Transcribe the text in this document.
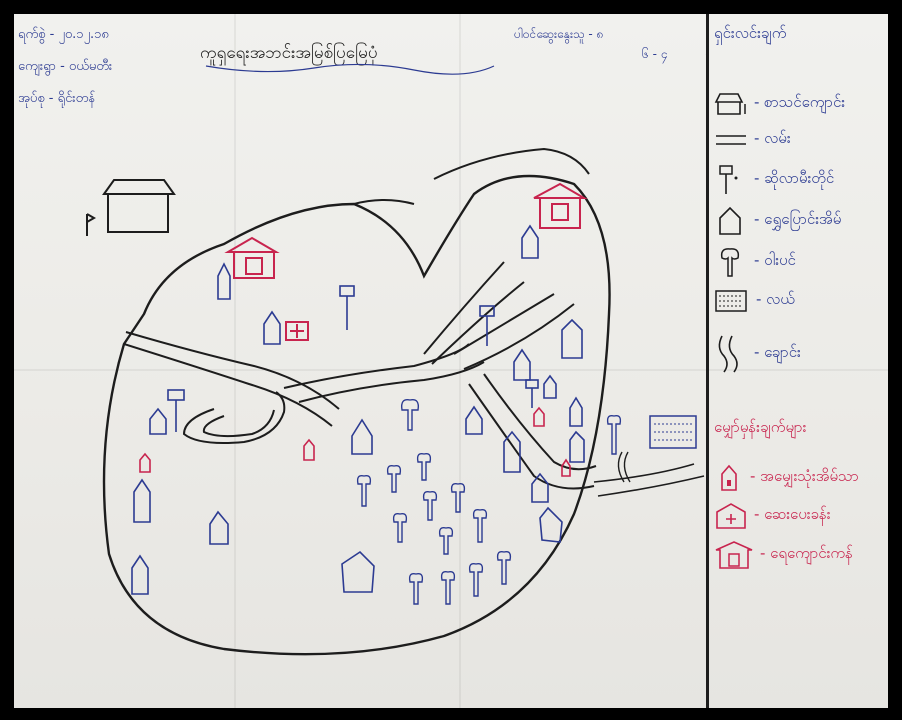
ရက်စွဲ - ၂၀.၁၂.၁၈
ကျေးရွာ - ဝယ်မတီး
အုပ်စု - ရိုင်းတန်
ကူရှရေးအဘင်းအမြစ်ပြမြေပုံ
ပါဝင်ဆွေးနွေးသူ - ၈
၆ - ၄
ရှင်းလင်းချက်
- စာသင်ကျောင်း
- လမ်း
- ဆိုလာမီးတိုင်
- ရွှေပြောင်းအိမ်
- ဝါးပင်
- လယ်
- ချောင်း
မျှော်မှန်းချက်များ
- အမျှေးသုံးအိမ်သာ
- ဆေးပေးခန်း
- ရေကျောင်းကန်
